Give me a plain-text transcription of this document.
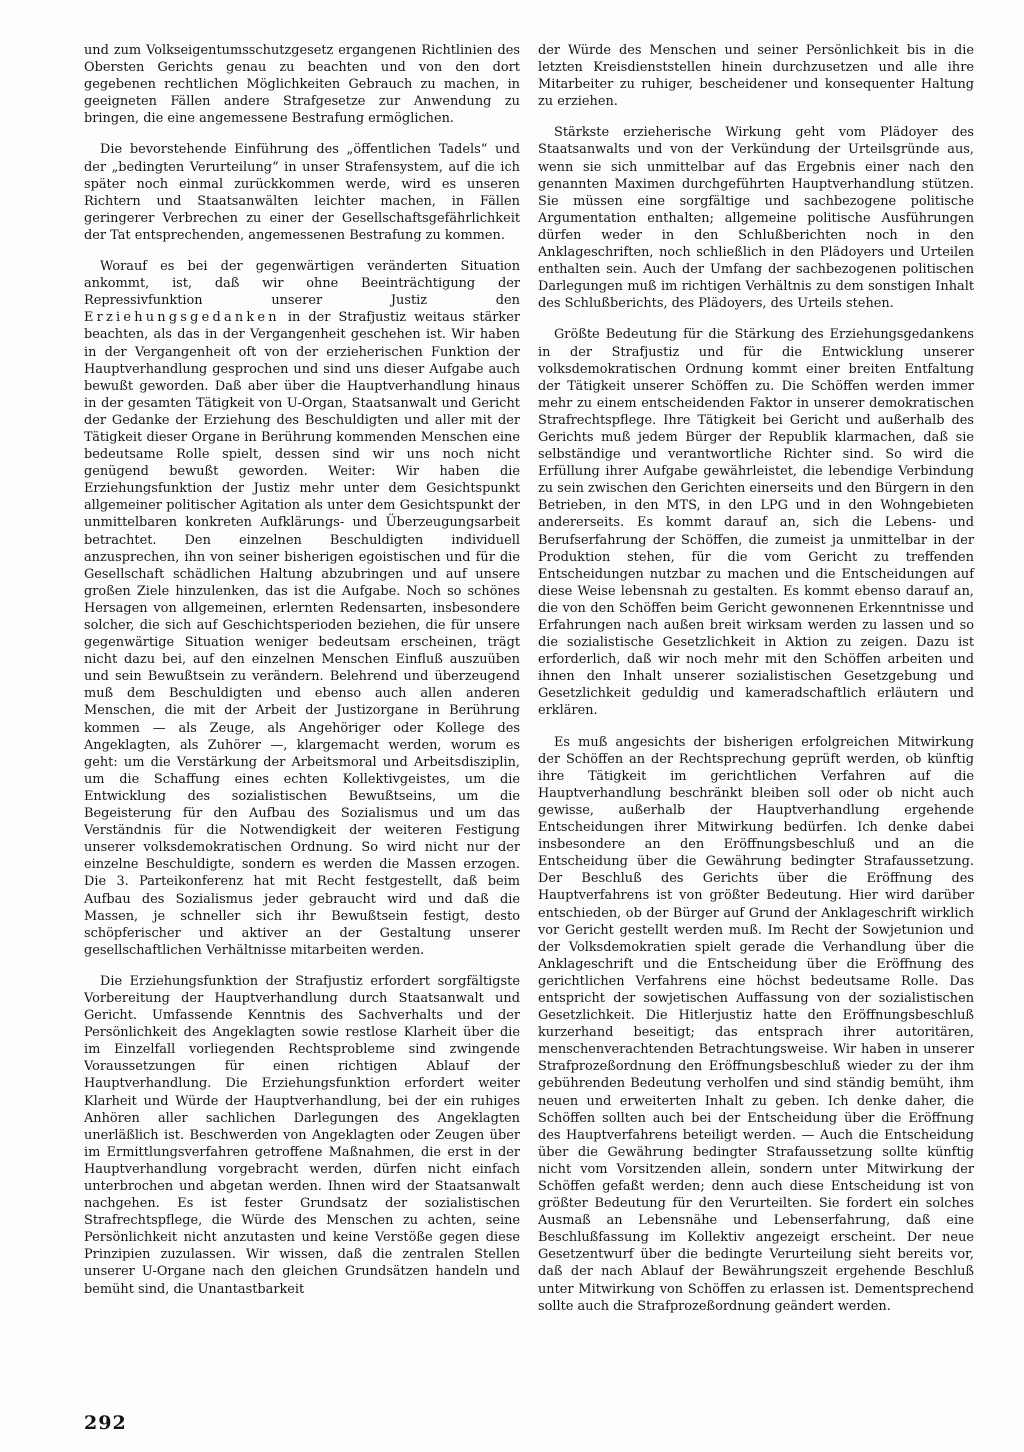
und zum Volkseigentumsschutzgesetz ergangenen Richtlinien des Obersten Gerichts genau zu beachten und von den dort gegebenen rechtlichen Möglichkeiten Gebrauch zu machen, in geeigneten Fällen andere Strafgesetze zur Anwendung zu bringen, die eine angemessene Bestrafung ermöglichen.

Die bevorstehende Einführung des „öffentlichen Tadels“ und der „bedingten Verurteilung“ in unser Strafensystem, auf die ich später noch einmal zurückkommen werde, wird es unseren Richtern und Staatsanwälten leichter machen, in Fällen geringerer Verbrechen zu einer der Gesellschaftsgefährlichkeit der Tat entsprechenden, angemessenen Bestrafung zu kommen.

Worauf es bei der gegenwärtigen veränderten Situation ankommt, ist, daß wir ohne Beeinträchtigung der Repressivfunktion unserer Justiz den Erziehungsgedanken in der Strafjustiz weitaus stärker beachten, als das in der Vergangenheit geschehen ist. Wir haben in der Vergangenheit oft von der erzieherischen Funktion der Hauptverhandlung gesprochen und sind uns dieser Aufgabe auch bewußt geworden. Daß aber über die Hauptverhandlung hinaus in der gesamten Tätigkeit von U-Organ, Staatsanwalt und Gericht der Gedanke der Erziehung des Beschuldigten und aller mit der Tätigkeit dieser Organe in Berührung kommenden Menschen eine bedeutsame Rolle spielt, dessen sind wir uns noch nicht genügend bewußt geworden. Weiter: Wir haben die Erziehungsfunktion der Justiz mehr unter dem Gesichtspunkt allgemeiner politischer Agitation als unter dem Gesichtspunkt der unmittelbaren konkreten Aufklärungs- und Überzeugungsarbeit betrachtet. Den einzelnen Beschuldigten individuell anzusprechen, ihn von seiner bisherigen egoistischen und für die Gesellschaft schädlichen Haltung abzubringen und auf unsere großen Ziele hinzulenken, das ist die Aufgabe. Noch so schönes Hersagen von allgemeinen, erlernten Redensarten, insbesondere solcher, die sich auf Geschichtsperioden beziehen, die für unsere gegenwärtige Situation weniger bedeutsam erscheinen, trägt nicht dazu bei, auf den einzelnen Menschen Einfluß auszuüben und sein Bewußtsein zu verändern. Belehrend und überzeugend muß dem Beschuldigten und ebenso auch allen anderen Menschen, die mit der Arbeit der Justizorgane in Berührung kommen — als Zeuge, als Angehöriger oder Kollege des Angeklagten, als Zuhörer —, klargemacht werden, worum es geht: um die Verstärkung der Arbeitsmoral und Arbeitsdisziplin, um die Schaffung eines echten Kollektivgeistes, um die Entwicklung des sozialistischen Bewußtseins, um die Begeisterung für den Aufbau des Sozialismus und um das Verständnis für die Notwendigkeit der weiteren Festigung unserer volksdemokratischen Ordnung. So wird nicht nur der einzelne Beschuldigte, sondern es werden die Massen erzogen. Die 3. Parteikonferenz hat mit Recht festgestellt, daß beim Aufbau des Sozialismus jeder gebraucht wird und daß die Massen, je schneller sich ihr Bewußtsein festigt, desto schöpferischer und aktiver an der Gestaltung unserer gesellschaftlichen Verhältnisse mitarbeiten werden.

Die Erziehungsfunktion der Strafjustiz erfordert sorgfältigste Vorbereitung der Hauptverhandlung durch Staatsanwalt und Gericht. Umfassende Kenntnis des Sachverhalts und der Persönlichkeit des Angeklagten sowie restlose Klarheit über die im Einzelfall vorliegenden Rechtsprobleme sind zwingende Voraussetzungen für einen richtigen Ablauf der Hauptverhandlung. Die Erziehungsfunktion erfordert weiter Klarheit und Würde der Hauptverhandlung, bei der ein ruhiges Anhören aller sachlichen Darlegungen des Angeklagten unerläßlich ist. Beschwerden von Angeklagten oder Zeugen über im Ermittlungsverfahren getroffene Maßnahmen, die erst in der Hauptverhandlung vorgebracht werden, dürfen nicht einfach unterbrochen und abgetan werden. Ihnen wird der Staatsanwalt nachgehen. Es ist fester Grundsatz der sozialistischen Strafrechtspflege, die Würde des Menschen zu achten, seine Persönlichkeit nicht anzutasten und keine Verstöße gegen diese Prinzipien zuzulassen. Wir wissen, daß die zentralen Stellen unserer U-Organe nach den gleichen Grundsätzen handeln und bemüht sind, die Unantastbarkeit

der Würde des Menschen und seiner Persönlichkeit bis in die letzten Kreisdienststellen hinein durchzusetzen und alle ihre Mitarbeiter zu ruhiger, bescheidener und konsequenter Haltung zu erziehen.

Stärkste erzieherische Wirkung geht vom Plädoyer des Staatsanwalts und von der Verkündung der Urteilsgründe aus, wenn sie sich unmittelbar auf das Ergebnis einer nach den genannten Maximen durchgeführten Hauptverhandlung stützen. Sie müssen eine sorgfältige und sachbezogene politische Argumentation enthalten; allgemeine politische Ausführungen dürfen weder in den Schlußberichten noch in den Anklageschriften, noch schließlich in den Plädoyers und Urteilen enthalten sein. Auch der Umfang der sachbezogenen politischen Darlegungen muß im richtigen Verhältnis zu dem sonstigen Inhalt des Schlußberichts, des Plädoyers, des Urteils stehen.

Größte Bedeutung für die Stärkung des Erziehungsgedankens in der Strafjustiz und für die Entwicklung unserer volksdemokratischen Ordnung kommt einer breiten Entfaltung der Tätigkeit unserer Schöffen zu. Die Schöffen werden immer mehr zu einem entscheidenden Faktor in unserer demokratischen Strafrechtspflege. Ihre Tätigkeit bei Gericht und außerhalb des Gerichts muß jedem Bürger der Republik klarmachen, daß sie selbständige und verantwortliche Richter sind. So wird die Erfüllung ihrer Aufgabe gewährleistet, die lebendige Verbindung zu sein zwischen den Gerichten einerseits und den Bürgern in den Betrieben, in den MTS, in den LPG und in den Wohngebieten andererseits. Es kommt darauf an, sich die Lebens- und Berufserfahrung der Schöffen, die zumeist ja unmittelbar in der Produktion stehen, für die vom Gericht zu treffenden Entscheidungen nutzbar zu machen und die Entscheidungen auf diese Weise lebensnah zu gestalten. Es kommt ebenso darauf an, die von den Schöffen beim Gericht gewonnenen Erkenntnisse und Erfahrungen nach außen breit wirksam werden zu lassen und so die sozialistische Gesetzlichkeit in Aktion zu zeigen. Dazu ist erforderlich, daß wir noch mehr mit den Schöffen arbeiten und ihnen den Inhalt unserer sozialistischen Gesetzgebung und Gesetzlichkeit geduldig und kameradschaftlich erläutern und erklären.

Es muß angesichts der bisherigen erfolgreichen Mitwirkung der Schöffen an der Rechtsprechung geprüft werden, ob künftig ihre Tätigkeit im gerichtlichen Verfahren auf die Hauptverhandlung beschränkt bleiben soll oder ob nicht auch gewisse, außerhalb der Hauptverhandlung ergehende Entscheidungen ihrer Mitwirkung bedürfen. Ich denke dabei insbesondere an den Eröffnungsbeschluß und an die Entscheidung über die Gewährung bedingter Strafaussetzung. Der Beschluß des Gerichts über die Eröffnung des Hauptverfahrens ist von größter Bedeutung. Hier wird darüber entschieden, ob der Bürger auf Grund der Anklageschrift wirklich vor Gericht gestellt werden muß. Im Recht der Sowjetunion und der Volksdemokratien spielt gerade die Verhandlung über die Anklageschrift und die Entscheidung über die Eröffnung des gerichtlichen Verfahrens eine höchst bedeutsame Rolle. Das entspricht der sowjetischen Auffassung von der sozialistischen Gesetzlichkeit. Die Hitlerjustiz hatte den Eröffnungsbeschluß kurzerhand beseitigt; das entsprach ihrer autoritären, menschenverachtenden Betrachtungsweise. Wir haben in unserer Strafprozeßordnung den Eröffnungsbeschluß wieder zu der ihm gebührenden Bedeutung verholfen und sind ständig bemüht, ihm neuen und erweiterten Inhalt zu geben. Ich denke daher, die Schöffen sollten auch bei der Entscheidung über die Eröffnung des Hauptverfahrens beteiligt werden. — Auch die Entscheidung über die Gewährung bedingter Strafaussetzung sollte künftig nicht vom Vorsitzenden allein, sondern unter Mitwirkung der Schöffen gefaßt werden; denn auch diese Entscheidung ist von größter Bedeutung für den Verurteilten. Sie fordert ein solches Ausmaß an Lebensnähe und Lebenserfahrung, daß eine Beschlußfassung im Kollektiv angezeigt erscheint. Der neue Gesetzentwurf über die bedingte Verurteilung sieht bereits vor, daß der nach Ablauf der Bewährungszeit ergehende Beschluß unter Mitwirkung von Schöffen zu erlassen ist. Dementsprechend sollte auch die Strafprozeßordnung geändert werden.

292
